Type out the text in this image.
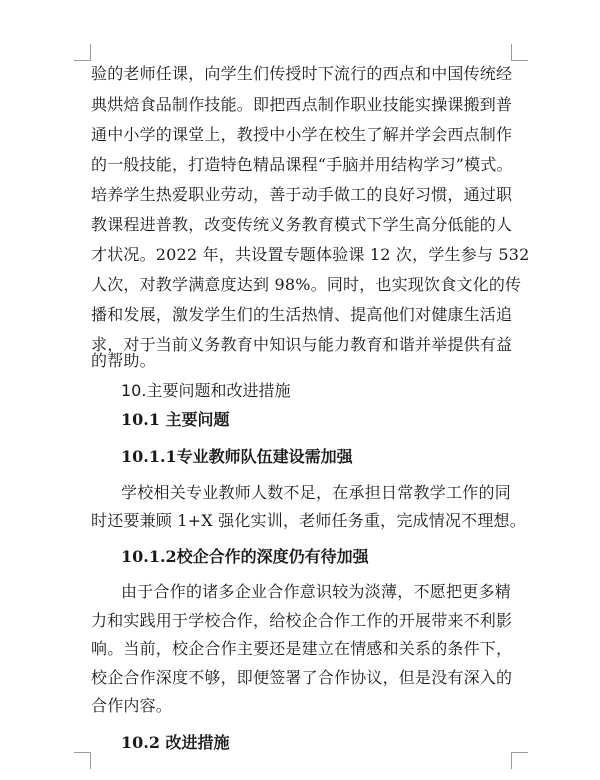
验的老师任课，向学生们传授时下流行的西点和中国传统经
典烘焙食品制作技能。即把西点制作职业技能实操课搬到普
通中小学的课堂上，教授中小学在校生了解并学会西点制作
的一般技能，打造特色精品课程“手脑并用结构学习”模式。
培养学生热爱职业劳动，善于动手做工的良好习惯，通过职
教课程进普教，改变传统义务教育模式下学生高分低能的人
才状况。2022 年，共设置专题体验课 12 次，学生参与 532
人次，对教学满意度达到 98%。同时，也实现饮食文化的传
播和发展，激发学生们的生活热情、提高他们对健康生活追
求，对于当前义务教育中知识与能力教育和谐并举提供有益
的帮助。
10.主要问题和改进措施
10.1 主要问题
10.1.1专业教师队伍建设需加强
学校相关专业教师人数不足，在承担日常教学工作的同
时还要兼顾 1+X 强化实训，老师任务重，完成情况不理想。
10.1.2校企合作的深度仍有待加强
由于合作的诸多企业合作意识较为淡薄，不愿把更多精
力和实践用于学校合作，给校企合作工作的开展带来不利影
响。当前，校企合作主要还是建立在情感和关系的条件下，
校企合作深度不够，即便签署了合作协议，但是没有深入的
合作内容。
10.2 改进措施
